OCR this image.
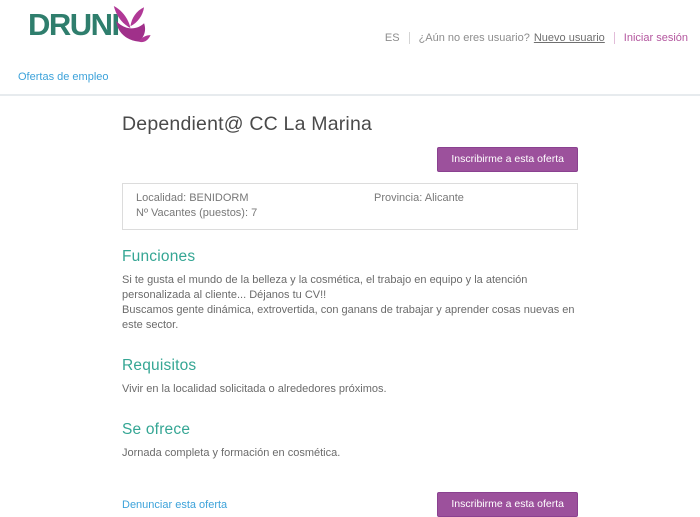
DRUNI	ES ¿Aún no eres usuario? Nuevo usuario Iniciar sesión
Ofertas de empleo
Dependient@ CC La Marina
Inscribirme a esta oferta
Localidad: BENIDORM	Provincia: Alicante
Nº Vacantes (puestos): 7
Funciones

Si te gusta el mundo de la belleza y la cosmética, el trabajo en equipo y la atención personalizada al cliente... Déjanos tu CV!!

Buscamos gente dinámica, extrovertida, con ganans de trabajar y aprender cosas nuevas en este sector.

Requisitos

Vivir en la localidad solicitada o alrededores próximos.

Se ofrece

Jornada completa y formación en cosmética.

Denunciar esta oferta	Inscribirme a esta oferta
